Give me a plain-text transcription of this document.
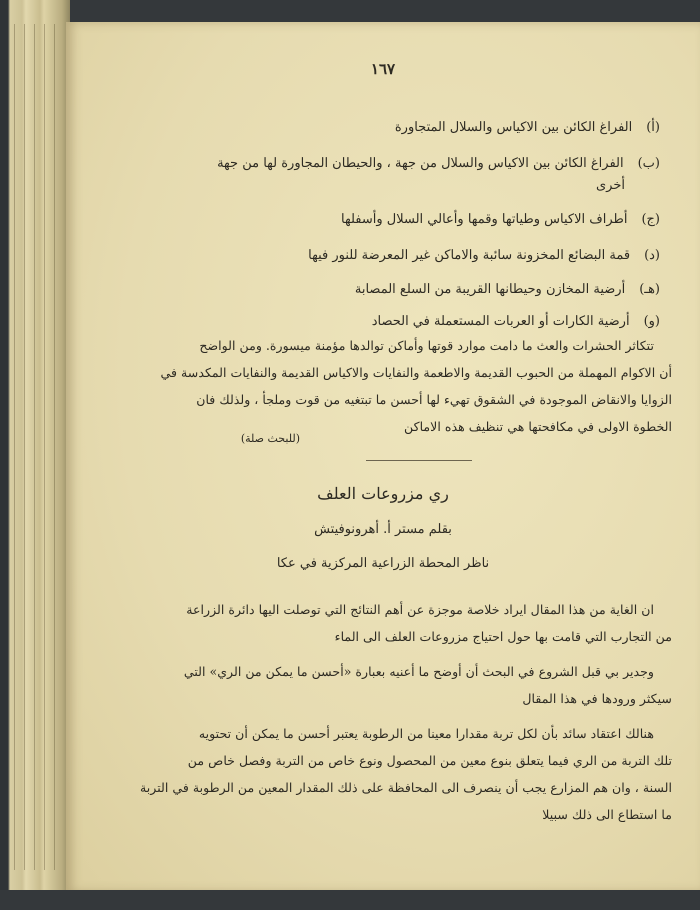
١٦٧
(أ)الفراغ الكائن بين الاكياس والسلال المتجاورة
(ب)الفراغ الكائن بين الاكياس والسلال من جهة ، والحيطان المجاورة لها من جهة
أخرى
(ج)أطراف الاكياس وطياتها وقمها وأعالي السلال وأسفلها
(د)قمة البضائع المخزونة سائبة والاماكن غير المعرضة للنور فيها
(هـ)أرضية المخازن وحيطانها القريبة من السلع المصابة
(و)أرضية الكارات أو العربات المستعملة في الحصاد
تتكاثر الحشرات والعث ما دامت موارد قوتها وأماكن توالدها مؤمنة ميسورة. ومن الواضح
أن الاكوام المهملة من الحبوب القديمة والاطعمة والنفايات والاكياس القديمة والنفايات المكدسة في
الزوايا والانقاض الموجودة في الشقوق تهيء لها أحسن ما تبتغيه من قوت وملجأ ، ولذلك فان
الخطوة الاولى في مكافحتها هي تنظيف هذه الاماكن
(للبحث صلة)
ري مزروعات العلف
بقلم مستر أ. أهرونوفيتش
ناظر المحطة الزراعية المركزية في عكا
ان الغاية من هذا المقال ايراد خلاصة موجزة عن أهم النتائج التي توصلت اليها دائرة الزراعة
من التجارب التي قامت بها حول احتياج مزروعات العلف الى الماء
وجدير بي قبل الشروع في البحث أن أوضح ما أعنيه بعبارة «أحسن ما يمكن من الري» التي
سيكثر ورودها في هذا المقال
هنالك اعتقاد سائد بأن لكل تربة مقدارا معينا من الرطوبة يعتبر أحسن ما يمكن أن تحتويه
تلك التربة من الري فيما يتعلق بنوع معين من المحصول ونوع خاص من التربة وفصل خاص من
السنة ، وان هم المزارع يجب أن ينصرف الى المحافظة على ذلك المقدار المعين من الرطوبة في التربة
ما استطاع الى ذلك سبيلا
